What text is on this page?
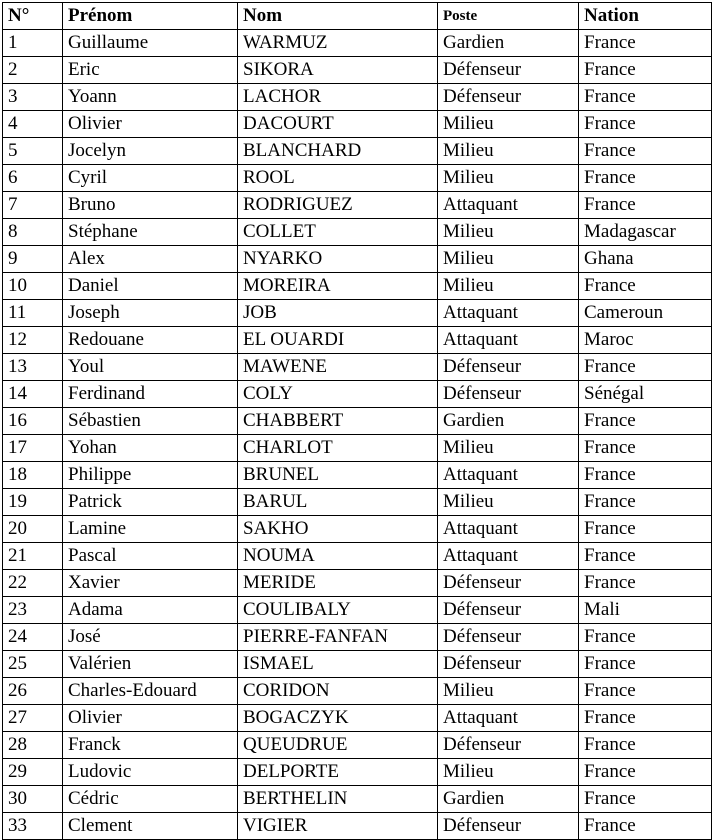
N°	Prénom	Nom	Poste	Nation
1	Guillaume	WARMUZ	Gardien	France
2	Eric	SIKORA	Défenseur	France
3	Yoann	LACHOR	Défenseur	France
4	Olivier	DACOURT	Milieu	France
5	Jocelyn	BLANCHARD	Milieu	France
6	Cyril	ROOL	Milieu	France
7	Bruno	RODRIGUEZ	Attaquant	France
8	Stéphane	COLLET	Milieu	Madagascar
9	Alex	NYARKO	Milieu	Ghana
10	Daniel	MOREIRA	Milieu	France
11	Joseph	JOB	Attaquant	Cameroun
12	Redouane	EL OUARDI	Attaquant	Maroc
13	Youl	MAWENE	Défenseur	France
14	Ferdinand	COLY	Défenseur	Sénégal
16	Sébastien	CHABBERT	Gardien	France
17	Yohan	CHARLOT	Milieu	France
18	Philippe	BRUNEL	Attaquant	France
19	Patrick	BARUL	Milieu	France
20	Lamine	SAKHO	Attaquant	France
21	Pascal	NOUMA	Attaquant	France
22	Xavier	MERIDE	Défenseur	France
23	Adama	COULIBALY	Défenseur	Mali
24	José	PIERRE-FANFAN	Défenseur	France
25	Valérien	ISMAEL	Défenseur	France
26	Charles-Edouard	CORIDON	Milieu	France
27	Olivier	BOGACZYK	Attaquant	France
28	Franck	QUEUDRUE	Défenseur	France
29	Ludovic	DELPORTE	Milieu	France
30	Cédric	BERTHELIN	Gardien	France
33	Clement	VIGIER	Défenseur	France
